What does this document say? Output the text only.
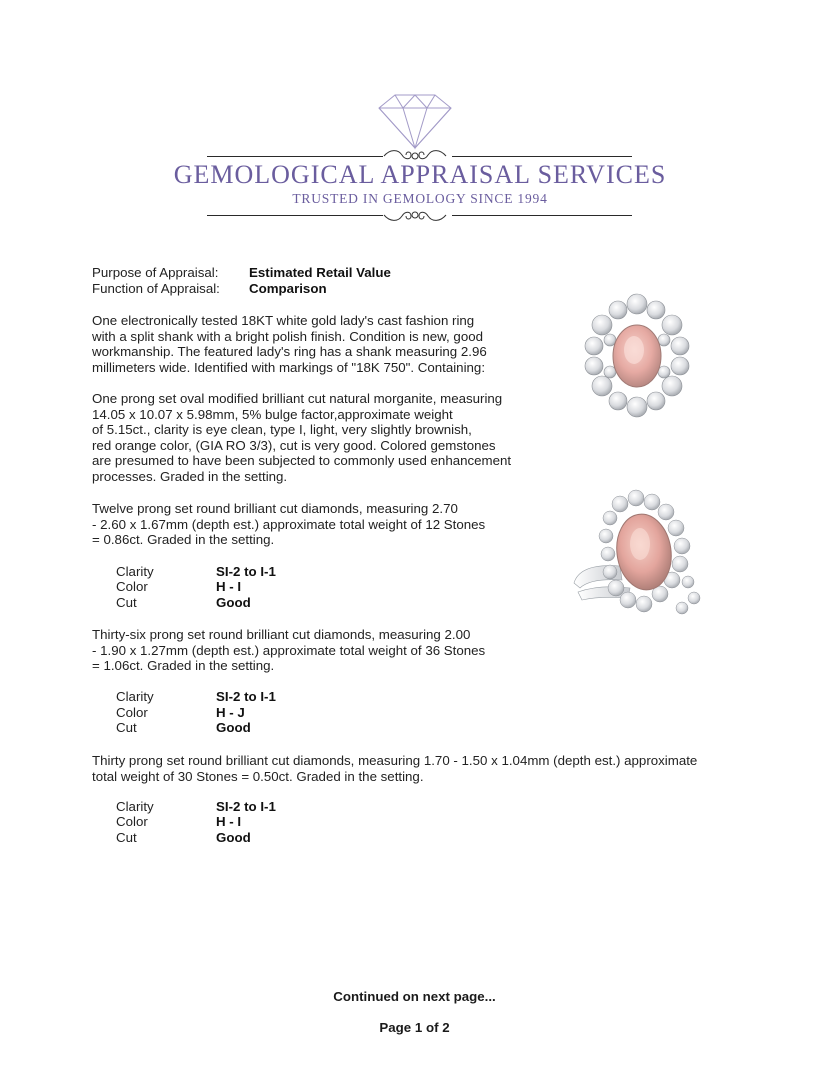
GEMOLOGICAL APPRAISAL SERVICES
TRUSTED IN GEMOLOGY SINCE 1994
Purpose of Appraisal: Estimated Retail Value
Function of Appraisal: Comparison

One electronically tested 18KT white gold lady's cast fashion ring

with a split shank with a bright polish finish. Condition is new, good

workmanship. The featured lady's ring has a shank measuring 2.96

millimeters wide. Identified with markings of "18K 750". Containing:

One prong set oval modified brilliant cut natural morganite, measuring

14.05 x 10.07 x 5.98mm, 5% bulge factor,approximate weight

of 5.15ct., clarity is eye clean, type I, light, very slightly brownish,

red orange color, (GIA RO 3/3), cut is very good. Colored gemstones

are presumed to have been subjected to commonly used enhancement

processes. Graded in the setting.

Twelve prong set round brilliant cut diamonds, measuring 2.70

- 2.60 x 1.67mm (depth est.) approximate total weight of 12 Stones

= 0.86ct. Graded in the setting.

Clarity	SI-2 to I-1
Color	H - I
Cut	Good

Thirty-six prong set round brilliant cut diamonds, measuring 2.00

- 1.90 x 1.27mm (depth est.) approximate total weight of 36 Stones

= 1.06ct. Graded in the setting.

Clarity	SI-2 to I-1
Color	H - J
Cut	Good

Thirty prong set round brilliant cut diamonds, measuring 1.70 - 1.50 x 1.04mm (depth est.) approximate

total weight of 30 Stones = 0.50ct. Graded in the setting.

Clarity	SI-2 to I-1
Color	H - I
Cut	Good
Continued on next page...
Page 1 of 2
